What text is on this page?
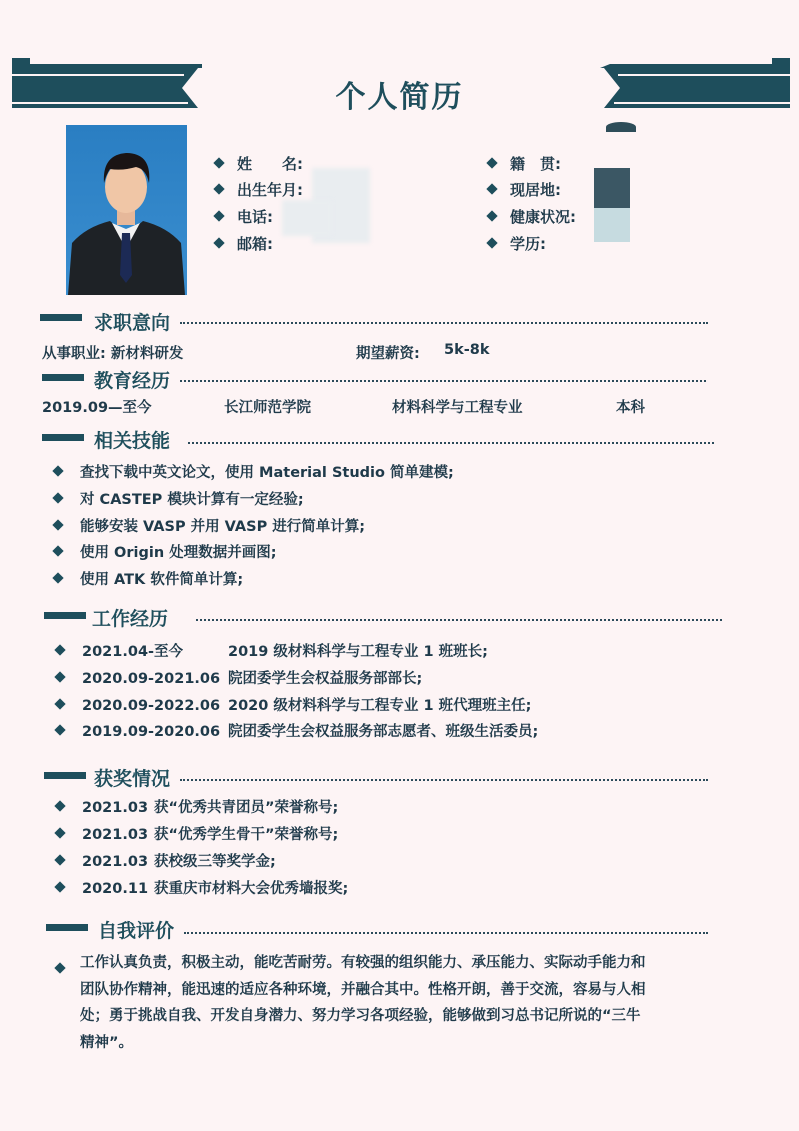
个人简历
姓　　名:
出生年月:
电话:
邮箱:
籍　贯:
现居地:
健康状况:
学历:
求职意向
从事职业: 新材料研发	期望薪资: 5k-8k
教育经历
2019.09—至今	长江师范学院	材料科学与工程专业	本科
相关技能
查找下载中英文论文，使用 Material Studio 简单建模;
对 CASTEP 模块计算有一定经验;
能够安装 VASP 并用 VASP 进行简单计算;
使用 Origin 处理数据并画图;
使用 ATK 软件简单计算;
工作经历
2021.04-至今	2019 级材料科学与工程专业 1 班班长;
2020.09-2021.06 院团委学生会权益服务部部长;
2020.09-2022.06 2020 级材料科学与工程专业 1 班代理班主任;
2019.09-2020.06 院团委学生会权益服务部志愿者、班级生活委员;
获奖情况
2021.03 获“优秀共青团员”荣誉称号;
2021.03 获“优秀学生骨干”荣誉称号;
2021.03 获校级三等奖学金;
2020.11 获重庆市材料大会优秀墙报奖;
自我评价
工作认真负责，积极主动，能吃苦耐劳。有较强的组织能力、承压能力、实际动手能力和
团队协作精神，能迅速的适应各种环境，并融合其中。性格开朗，善于交流，容易与人相
处；勇于挑战自我、开发自身潜力、努力学习各项经验，能够做到习总书记所说的“三牛
精神”。
